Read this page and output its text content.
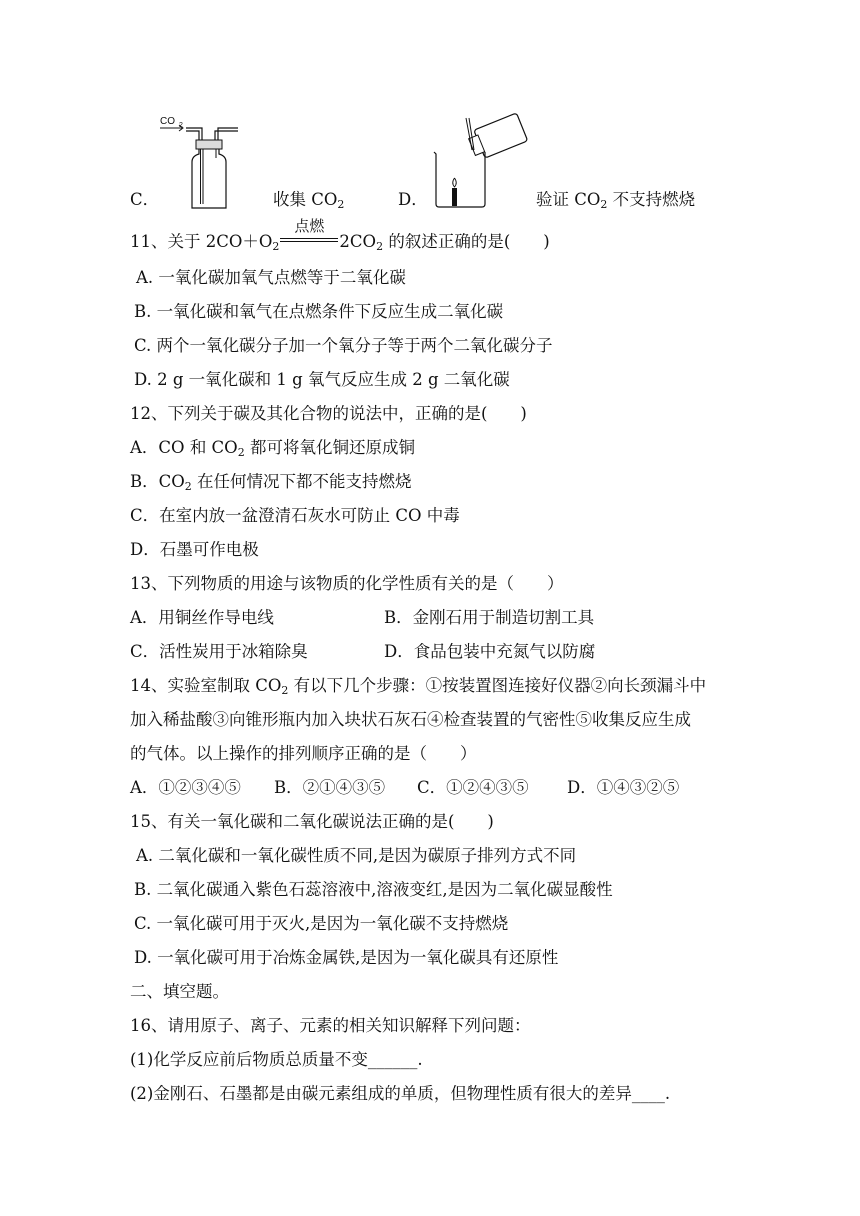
C．
CO 2
收集 $CO_2$	D．	验证 $CO_2$ 不支持燃烧
11、关于 $2CO+O_2$
点燃
$2CO_2$ 的叙述正确的是(　　)
A. 一氧化碳加氧气点燃等于二氧化碳
B. 一氧化碳和氧气在点燃条件下反应生成二氧化碳
C. 两个一氧化碳分子加一个氧分子等于两个二氧化碳分子
D. 2 g 一氧化碳和 1 g 氧气反应生成 2 g 二氧化碳
12、下列关于碳及其化合物的说法中，正确的是(　　)
A．CO 和 $CO_2$ 都可将氧化铜还原成铜
B．$CO_2$ 在任何情况下都不能支持燃烧
C．在室内放一盆澄清石灰水可防止 CO 中毒
D．石墨可作电极
13、下列物质的用途与该物质的化学性质有关的是（　　）
A．用铜丝作导电线	B．金刚石用于制造切割工具
C．活性炭用于冰箱除臭	D．食品包装中充氮气以防腐
14、实验室制取 $CO_2$ 有以下几个步骤：①按装置图连接好仪器②向长颈漏斗中
加入稀盐酸③向锥形瓶内加入块状石灰石④检查装置的气密性⑤收集反应生成
的气体。以上操作的排列顺序正确的是（　　）
A．①②③④⑤ B．②①④③⑤ C．①②④③⑤ D．①④③②⑤
15、有关一氧化碳和二氧化碳说法正确的是(　　)
A. 二氧化碳和一氧化碳性质不同,是因为碳原子排列方式不同
B. 二氧化碳通入紫色石蕊溶液中,溶液变红,是因为二氧化碳显酸性
C. 一氧化碳可用于灭火,是因为一氧化碳不支持燃烧
D. 一氧化碳可用于冶炼金属铁,是因为一氧化碳具有还原性
二、填空题。
16、请用原子、离子、元素的相关知识解释下列问题：
(1)化学反应前后物质总质量不变______.
(2)金刚石、石墨都是由碳元素组成的单质，但物理性质有很大的差异____.
